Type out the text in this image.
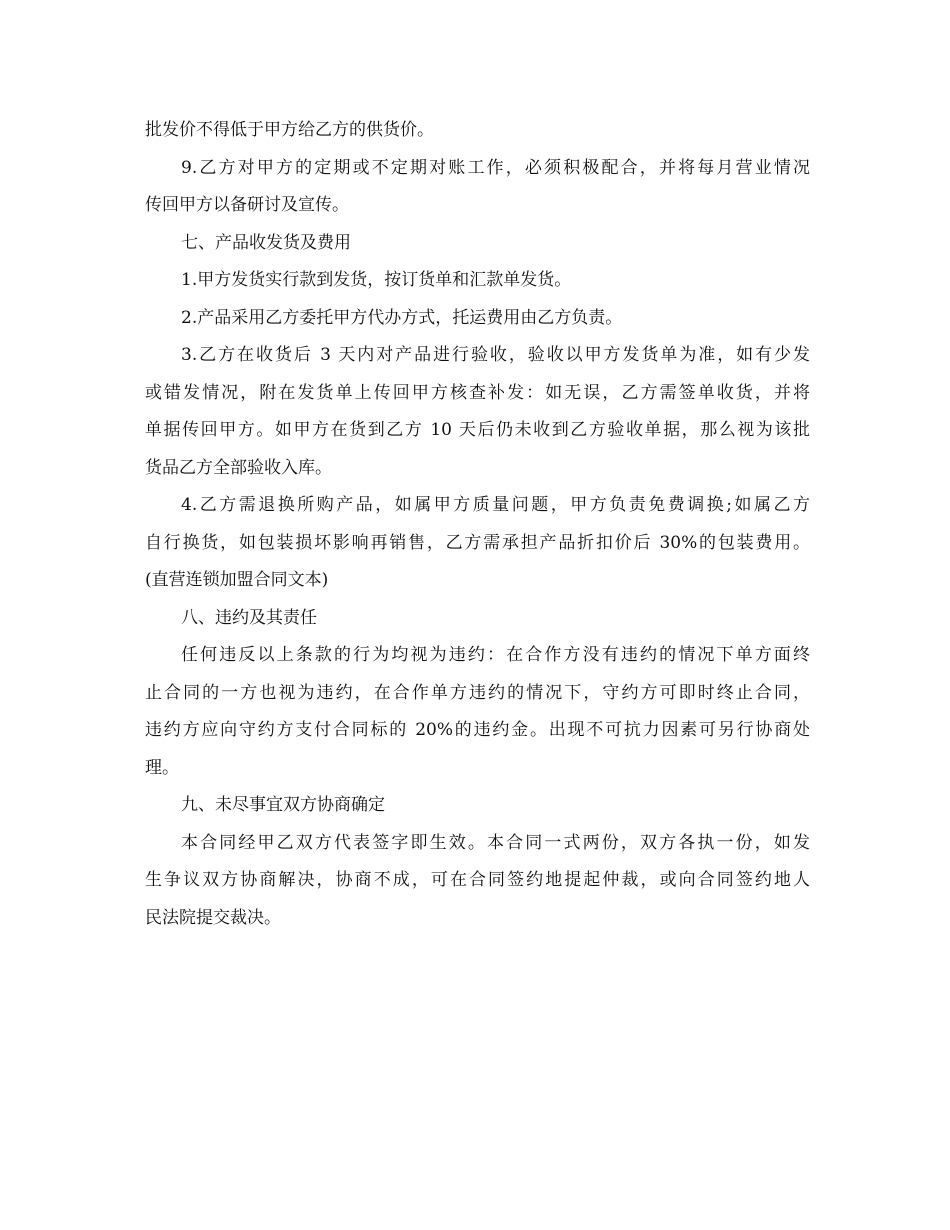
批发价不得低于甲方给乙方的供货价。
9.乙方对甲方的定期或不定期对账工作，必须积极配合，并将每月营业情况
传回甲方以备研讨及宣传。
七、产品收发货及费用
1.甲方发货实行款到发货，按订货单和汇款单发货。
2.产品采用乙方委托甲方代办方式，托运费用由乙方负责。
3.乙方在收货后 3 天内对产品进行验收，验收以甲方发货单为准，如有少发
或错发情况，附在发货单上传回甲方核查补发：如无误，乙方需签单收货，并将
单据传回甲方。如甲方在货到乙方 10 天后仍未收到乙方验收单据，那么视为该批
货品乙方全部验收入库。
4.乙方需退换所购产品，如属甲方质量问题，甲方负责免费调换;如属乙方
自行换货，如包装损坏影响再销售，乙方需承担产品折扣价后 30%的包装费用。
(直营连锁加盟合同文本)
八、违约及其责任
任何违反以上条款的行为均视为违约：在合作方没有违约的情况下单方面终
止合同的一方也视为违约，在合作单方违约的情况下，守约方可即时终止合同，
违约方应向守约方支付合同标的 20%的违约金。出现不可抗力因素可另行协商处
理。
九、未尽事宜双方协商确定
本合同经甲乙双方代表签字即生效。本合同一式两份，双方各执一份，如发
生争议双方协商解决，协商不成，可在合同签约地提起仲裁，或向合同签约地人
民法院提交裁决。
